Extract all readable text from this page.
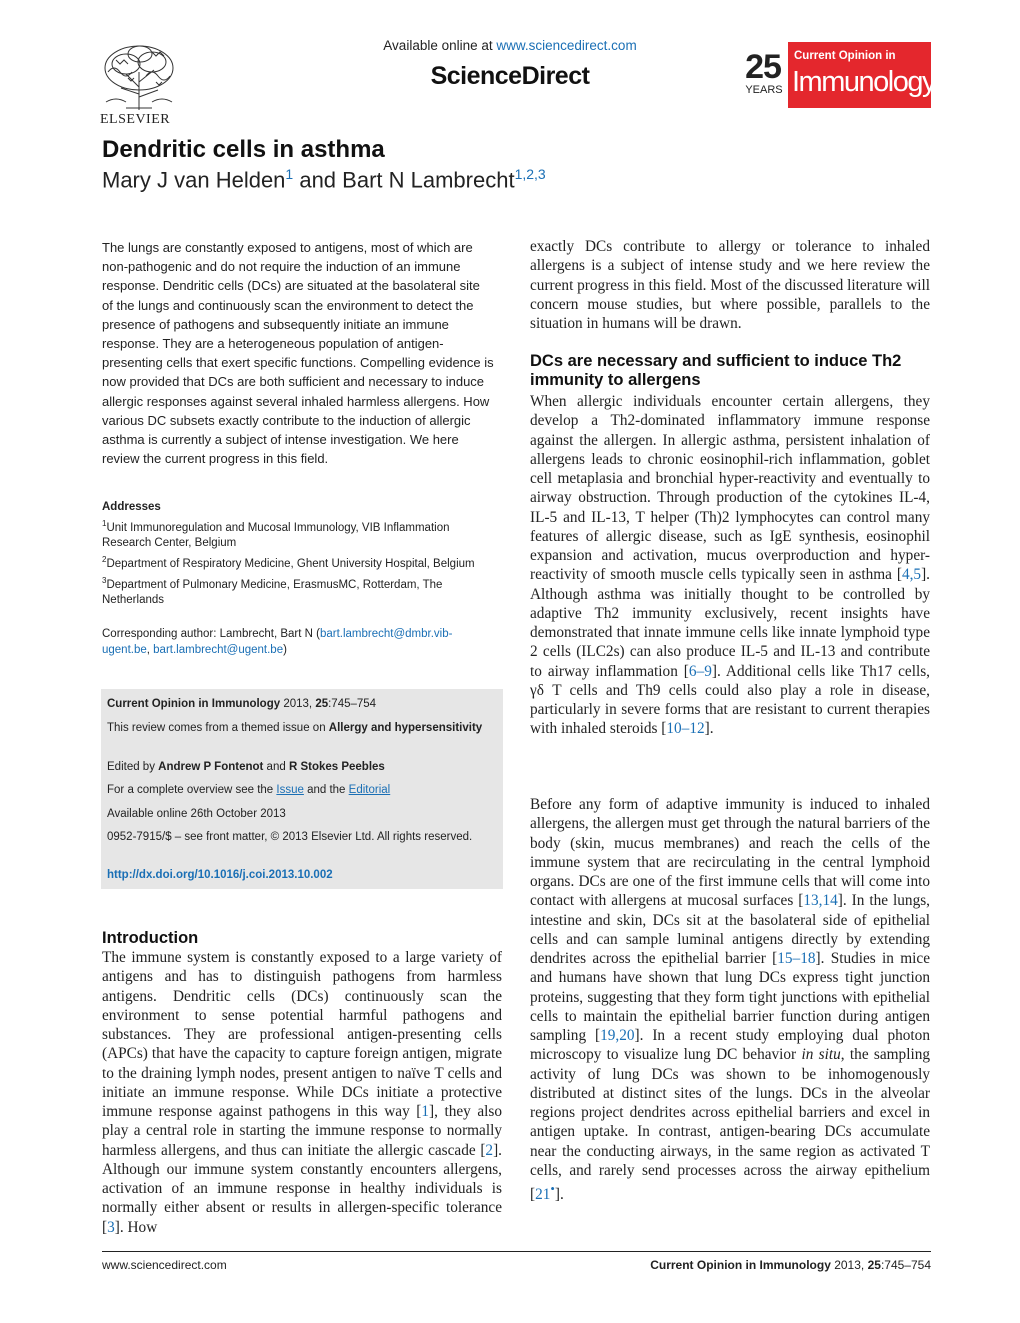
ELSEVIER
Available online at www.sciencedirect.com
ScienceDirect	25
YEARS
Current Opinion in
Immunology
Dendritic cells in asthma
Mary J van Helden$^1$ and Bart N Lambrecht$^{1,2,3}$
The lungs are constantly exposed to antigens, most of which are non-pathogenic and do not require the induction of an immune response. Dendritic cells (DCs) are situated at the basolateral site of the lungs and continuously scan the environment to detect the presence of pathogens and subsequently initiate an immune response. They are a heterogeneous population of antigen-presenting cells that exert specific functions. Compelling evidence is now provided that DCs are both sufficient and necessary to induce allergic responses against several inhaled harmless allergens. How various DC subsets exactly contribute to the induction of allergic asthma is currently a subject of intense investigation. We here review the current progress in this field.
Addresses
$^1$Unit Immunoregulation and Mucosal Immunology, VIB Inflammation Research Center, Belgium
$^2$Department of Respiratory Medicine, Ghent University Hospital, Belgium
$^3$Department of Pulmonary Medicine, ErasmusMC, Rotterdam, The Netherlands
Corresponding author: Lambrecht, Bart N (bart.lambrecht@dmbr.vib-ugent.be, bart.lambrecht@ugent.be)
Current Opinion in Immunology 2013, 25:745–754
This review comes from a themed issue on Allergy and hypersensitivity
Edited by Andrew P Fontenot and R Stokes Peebles
For a complete overview see the Issue and the Editorial
Available online 26th October 2013
0952-7915/$ – see front matter, © 2013 Elsevier Ltd. All rights reserved.
http://dx.doi.org/10.1016/j.coi.2013.10.002
Introduction
The immune system is constantly exposed to a large variety of antigens and has to distinguish pathogens from harmless antigens. Dendritic cells (DCs) continuously scan the environment to sense potential harmful pathogens and substances. They are professional antigen-presenting cells (APCs) that have the capacity to capture foreign antigen, migrate to the draining lymph nodes, present antigen to naïve T cells and initiate an immune response. While DCs initiate a protective immune response against pathogens in this way [1], they also play a central role in starting the immune response to normally harmless allergens, and thus can initiate the allergic cascade [2]. Although our immune system constantly encounters allergens, activation of an immune response in healthy individuals is normally either absent or results in allergen-specific tolerance [3]. How
exactly DCs contribute to allergy or tolerance to inhaled allergens is a subject of intense study and we here review the current progress in this field. Most of the discussed literature will concern mouse studies, but where possible, parallels to the situation in humans will be drawn.
DCs are necessary and sufficient to induce Th2 immunity to allergens
When allergic individuals encounter certain allergens, they develop a Th2-dominated inflammatory immune response against the allergen. In allergic asthma, persistent inhalation of allergens leads to chronic eosinophil-rich inflammation, goblet cell metaplasia and bronchial hyper-reactivity and eventually to airway obstruction. Through production of the cytokines IL-4, IL-5 and IL-13, T helper (Th)2 lymphocytes can control many features of allergic disease, such as IgE synthesis, eosinophil expansion and activation, mucus overproduction and hyper-reactivity of smooth muscle cells typically seen in asthma [4,5]. Although asthma was initially thought to be controlled by adaptive Th2 immunity exclusively, recent insights have demonstrated that innate immune cells like innate lymphoid type 2 cells (ILC2s) can also produce IL-5 and IL-13 and contribute to airway inflammation [6–9]. Additional cells like Th17 cells, γδ T cells and Th9 cells could also play a role in disease, particularly in severe forms that are resistant to current therapies with inhaled steroids [10–12].
Before any form of adaptive immunity is induced to inhaled allergens, the allergen must get through the natural barriers of the body (skin, mucus membranes) and reach the cells of the immune system that are recirculating in the central lymphoid organs. DCs are one of the first immune cells that will come into contact with allergens at mucosal surfaces [13,14]. In the lungs, intestine and skin, DCs sit at the basolateral side of epithelial cells and can sample luminal antigens directly by extending dendrites across the epithelial barrier [15–18]. Studies in mice and humans have shown that lung DCs express tight junction proteins, suggesting that they form tight junctions with epithelial cells to maintain the epithelial barrier function during antigen sampling [19,20]. In a recent study employing dual photon microscopy to visualize lung DC behavior in situ, the sampling activity of lung DCs was shown to be inhomogenously distributed at distinct sites of the lungs. DCs in the alveolar regions project dendrites across epithelial barriers and excel in antigen uptake. In contrast, antigen-bearing DCs accumulate near the conducting airways, in the same region as activated T cells, and rarely send processes across the airway epithelium [21•].
www.sciencedirect.com	Current Opinion in Immunology 2013, 25:745–754
